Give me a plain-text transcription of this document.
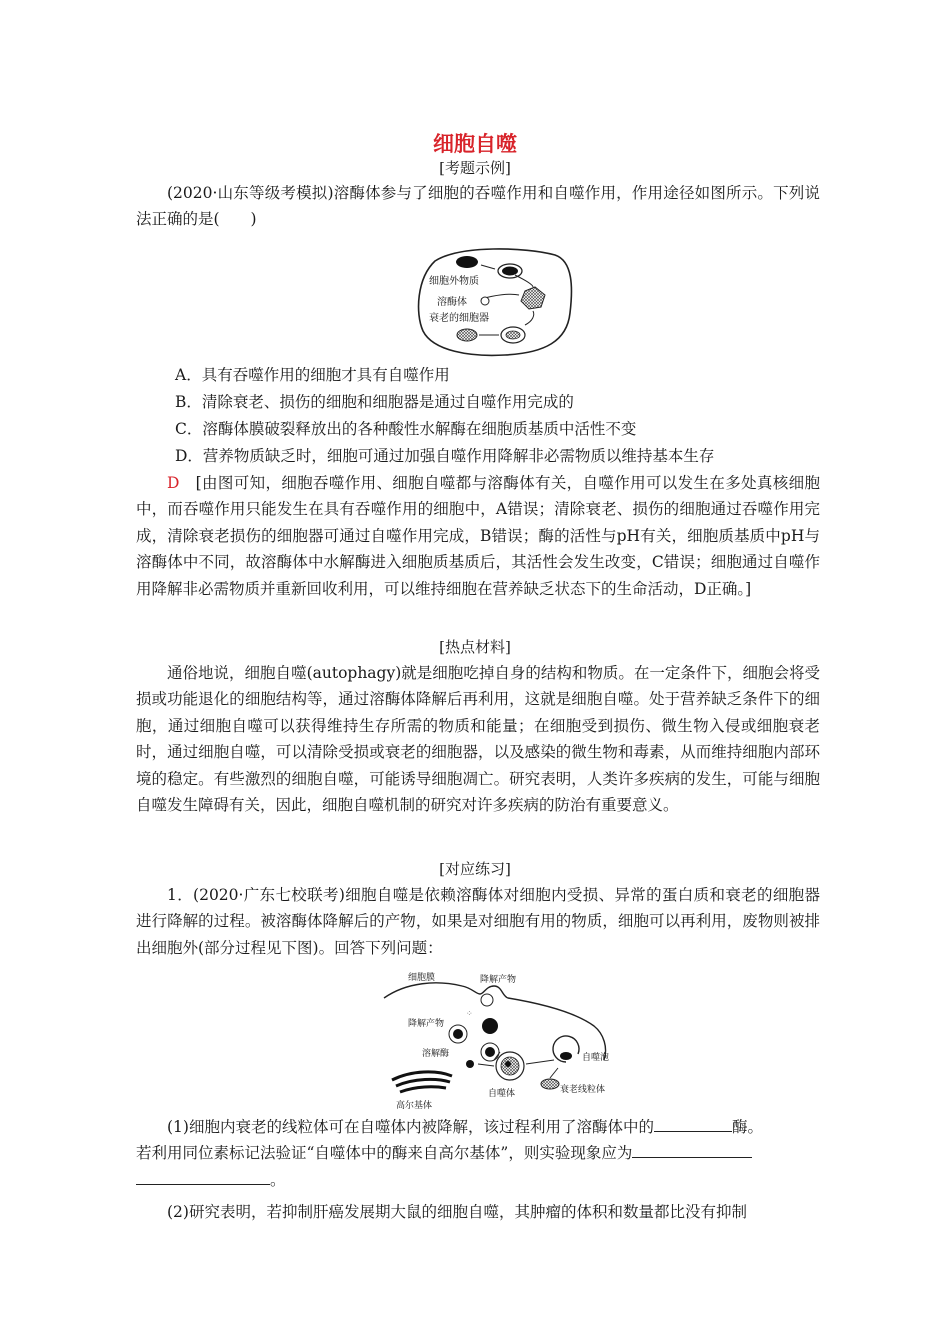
细胞自噬
[考题示例]
(2020·山东等级考模拟)溶酶体参与了细胞的吞噬作用和自噬作用，作用途径如图所示。下列说法正确的是(　　)
细胞外物质
溶酶体
衰老的细胞器
A．具有吞噬作用的细胞才具有自噬作用
B．清除衰老、损伤的细胞和细胞器是通过自噬作用完成的
C．溶酶体膜破裂释放出的各种酸性水解酶在细胞质基质中活性不变
D．营养物质缺乏时，细胞可通过加强自噬作用降解非必需物质以维持基本生存
D　 [由图可知，细胞吞噬作用、细胞自噬都与溶酶体有关，自噬作用可以发生在多处真核细胞中，而吞噬作用只能发生在具有吞噬作用的细胞中，A错误；清除衰老、损伤的细胞通过吞噬作用完成，清除衰老损伤的细胞器可通过自噬作用完成，B错误；酶的活性与pH有关，细胞质基质中pH与溶酶体中不同，故溶酶体中水解酶进入细胞质基质后，其活性会发生改变，C错误；细胞通过自噬作用降解非必需物质并重新回收利用，可以维持细胞在营养缺乏状态下的生命活动，D正确。]
[热点材料]
通俗地说，细胞自噬(autophagy)就是细胞吃掉自身的结构和物质。在一定条件下，细胞会将受损或功能退化的细胞结构等，通过溶酶体降解后再利用，这就是细胞自噬。处于营养缺乏条件下的细胞，通过细胞自噬可以获得维持生存所需的物质和能量；在细胞受到损伤、微生物入侵或细胞衰老时，通过细胞自噬，可以清除受损或衰老的细胞器，以及感染的微生物和毒素，从而维持细胞内部环境的稳定。有些激烈的细胞自噬，可能诱导细胞凋亡。研究表明，人类许多疾病的发生，可能与细胞自噬发生障碍有关，因此，细胞自噬机制的研究对许多疾病的防治有重要意义。
[对应练习]
1．(2020·广东七校联考)细胞自噬是依赖溶酶体对细胞内受损、异常的蛋白质和衰老的细胞器进行降解的过程。被溶酶体降解后的产物，如果是对细胞有用的物质，细胞可以再利用，废物则被排出细胞外(部分过程见下图)。回答下列问题：
细胞膜	降解产物
降解产物
⁘
溶解酶
高尔基体
自噬体
自噬泡
衰老线粒体
(1)细胞内衰老的线粒体可在自噬体内被降解，该过程利用了溶酶体中的	酶。
若利用同位素标记法验证“自噬体中的酶来自高尔基体”，则实验现象应为
。
(2)研究表明，若抑制肝癌发展期大鼠的细胞自噬，其肿瘤的体积和数量都比没有抑制
